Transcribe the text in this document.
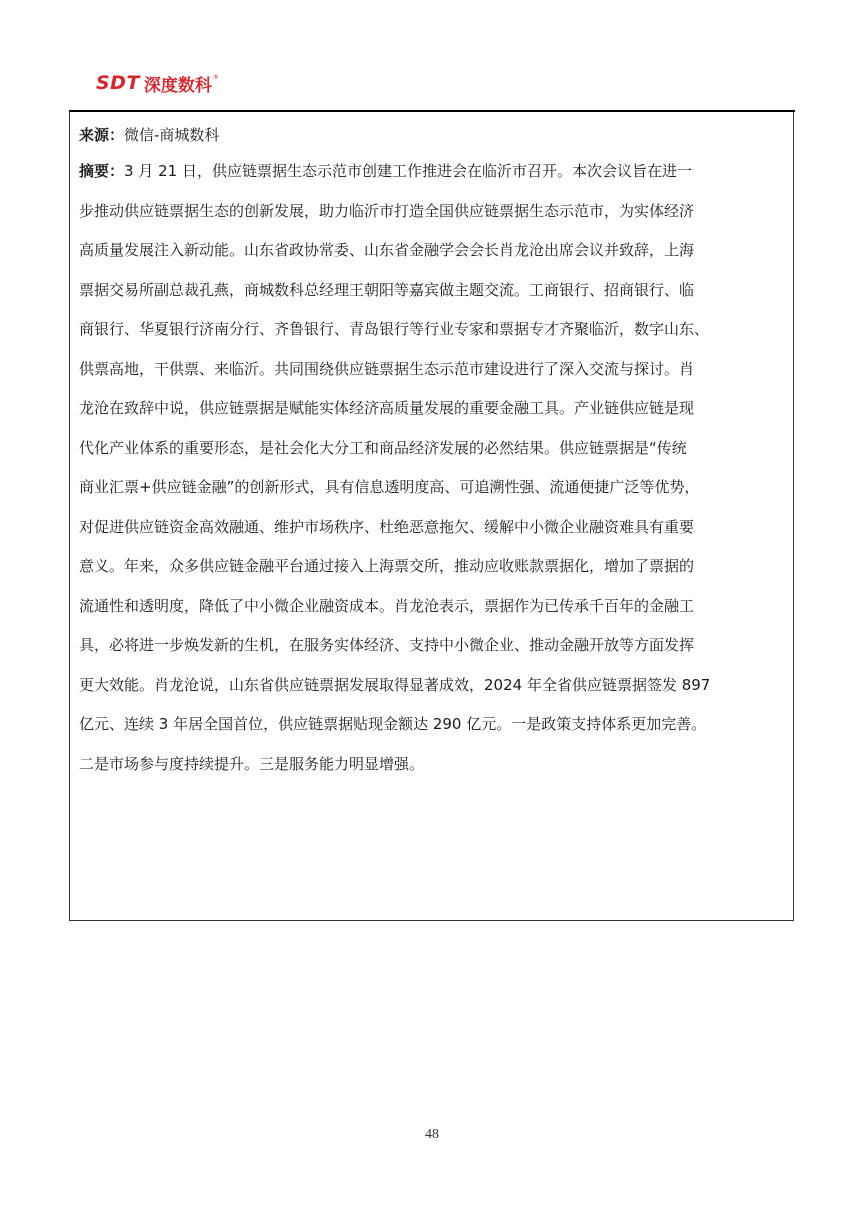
SDT 深度数科 ®
来源：微信-商城数科
摘要：3 月 21 日，供应链票据生态示范市创建工作推进会在临沂市召开。本次会议旨在进一
步推动供应链票据生态的创新发展，助力临沂市打造全国供应链票据生态示范市，为实体经济
高质量发展注入新动能。山东省政协常委、山东省金融学会会长肖龙沧出席会议并致辞，上海
票据交易所副总裁孔燕，商城数科总经理王朝阳等嘉宾做主题交流。工商银行、招商银行、临
商银行、华夏银行济南分行、齐鲁银行、青岛银行等行业专家和票据专才齐聚临沂，数字山东、
供票高地，干供票、来临沂。共同围绕供应链票据生态示范市建设进行了深入交流与探讨。肖
龙沧在致辞中说，供应链票据是赋能实体经济高质量发展的重要金融工具。产业链供应链是现
代化产业体系的重要形态，是社会化大分工和商品经济发展的必然结果。供应链票据是“传统
商业汇票+供应链金融”的创新形式，具有信息透明度高、可追溯性强、流通便捷广泛等优势，
对促进供应链资金高效融通、维护市场秩序、杜绝恶意拖欠、缓解中小微企业融资难具有重要
意义。年来，众多供应链金融平台通过接入上海票交所，推动应收账款票据化，增加了票据的
流通性和透明度，降低了中小微企业融资成本。肖龙沧表示，票据作为已传承千百年的金融工
具，必将进一步焕发新的生机，在服务实体经济、支持中小微企业、推动金融开放等方面发挥
更大效能。肖龙沧说，山东省供应链票据发展取得显著成效，2024 年全省供应链票据签发 897
亿元、连续 3 年居全国首位，供应链票据贴现金额达 290 亿元。一是政策支持体系更加完善。
二是市场参与度持续提升。三是服务能力明显增强。
48
